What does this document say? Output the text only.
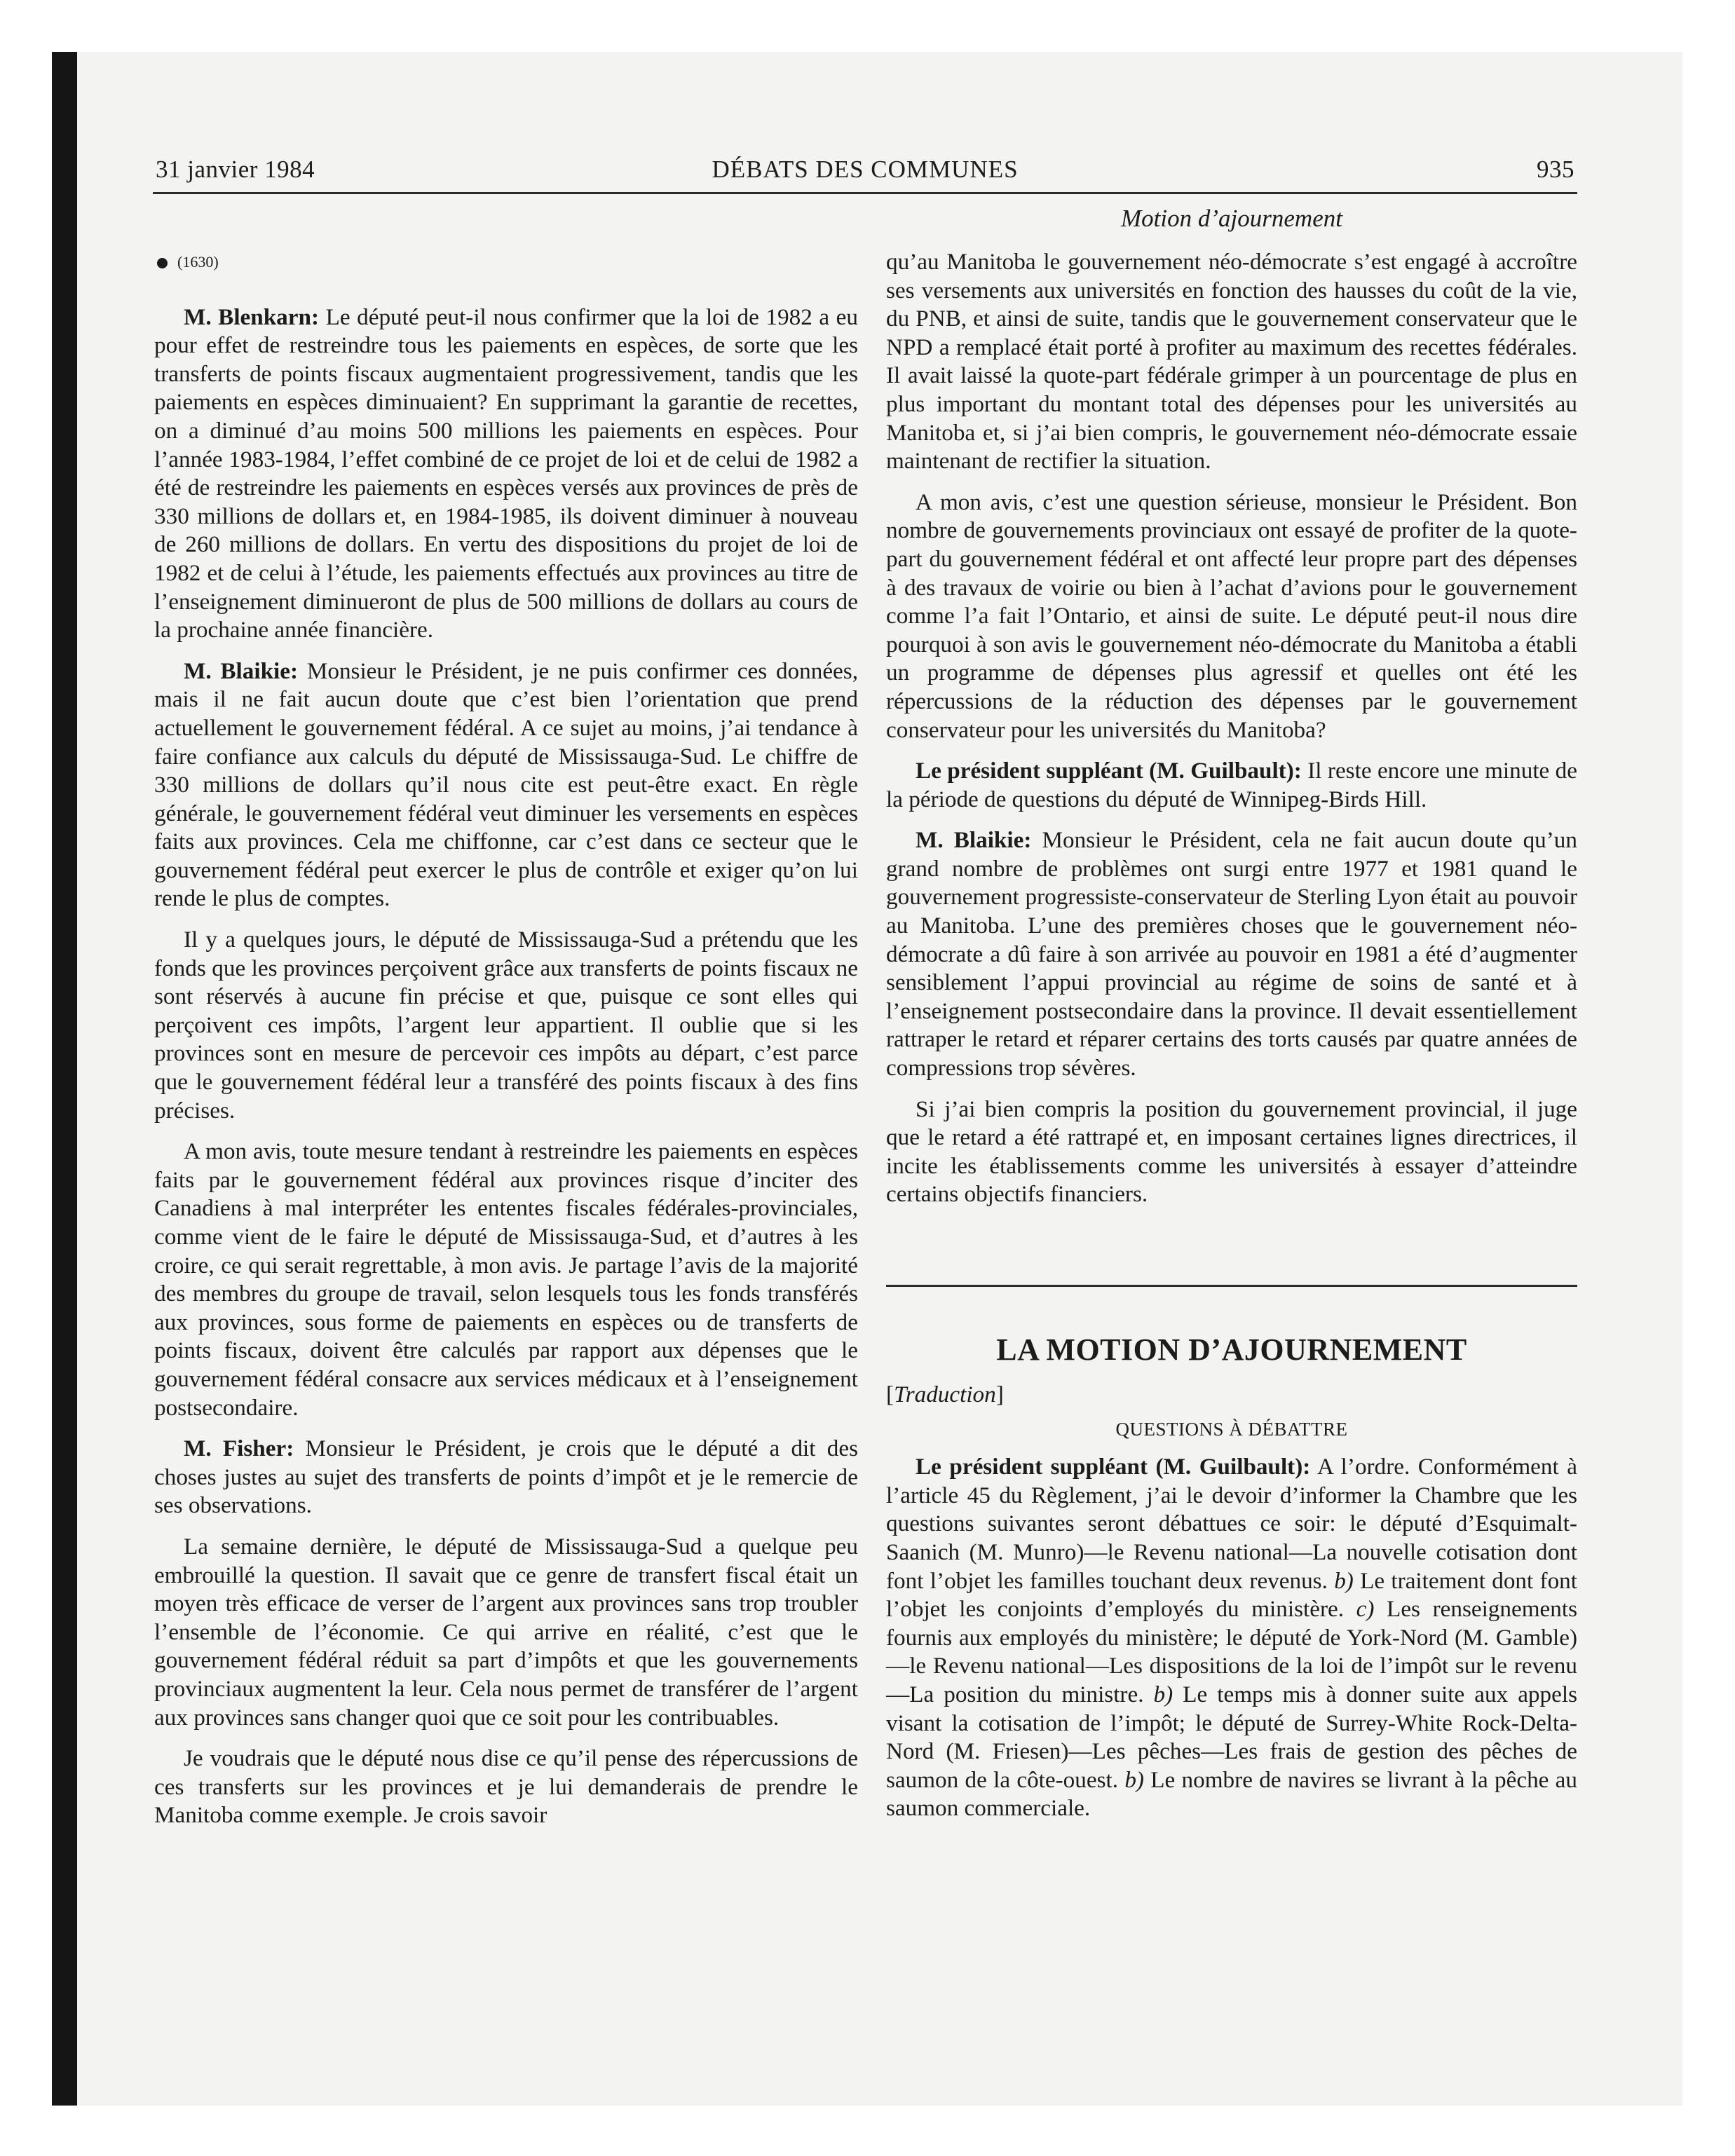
31 janvier 1984	DÉBATS DES COMMUNES	935
Motion d’ajournement
(1630)

M. Blenkarn: Le député peut-il nous confirmer que la loi de 1982 a eu pour effet de restreindre tous les paiements en espèces, de sorte que les transferts de points fiscaux augmentaient progressivement, tandis que les paiements en espèces diminuaient? En supprimant la garantie de recettes, on a diminué d’au moins 500 millions les paiements en espèces. Pour l’année 1983-1984, l’effet combiné de ce projet de loi et de celui de 1982 a été de restreindre les paiements en espèces versés aux provinces de près de 330 millions de dollars et, en 1984-1985, ils doivent diminuer à nouveau de 260 millions de dollars. En vertu des dispositions du projet de loi de 1982 et de celui à l’étude, les paiements effectués aux provinces au titre de l’enseignement diminueront de plus de 500 millions de dollars au cours de la prochaine année financière.

M. Blaikie: Monsieur le Président, je ne puis confirmer ces données, mais il ne fait aucun doute que c’est bien l’orientation que prend actuellement le gouvernement fédéral. A ce sujet au moins, j’ai tendance à faire confiance aux calculs du député de Mississauga-Sud. Le chiffre de 330 millions de dollars qu’il nous cite est peut-être exact. En règle générale, le gouvernement fédéral veut diminuer les versements en espèces faits aux provinces. Cela me chiffonne, car c’est dans ce secteur que le gouvernement fédéral peut exercer le plus de contrôle et exiger qu’on lui rende le plus de comptes.

Il y a quelques jours, le député de Mississauga-Sud a prétendu que les fonds que les provinces perçoivent grâce aux transferts de points fiscaux ne sont réservés à aucune fin précise et que, puisque ce sont elles qui perçoivent ces impôts, l’argent leur appartient. Il oublie que si les provinces sont en mesure de percevoir ces impôts au départ, c’est parce que le gouvernement fédéral leur a transféré des points fiscaux à des fins précises.

A mon avis, toute mesure tendant à restreindre les paiements en espèces faits par le gouvernement fédéral aux provinces risque d’inciter des Canadiens à mal interpréter les ententes fiscales fédérales-provinciales, comme vient de le faire le député de Mississauga-Sud, et d’autres à les croire, ce qui serait regrettable, à mon avis. Je partage l’avis de la majorité des membres du groupe de travail, selon lesquels tous les fonds transférés aux provinces, sous forme de paiements en espèces ou de transferts de points fiscaux, doivent être calculés par rapport aux dépenses que le gouvernement fédéral consacre aux services médicaux et à l’enseignement postsecondaire.

M. Fisher: Monsieur le Président, je crois que le député a dit des choses justes au sujet des transferts de points d’impôt et je le remercie de ses observations.

La semaine dernière, le député de Mississauga-Sud a quelque peu embrouillé la question. Il savait que ce genre de transfert fiscal était un moyen très efficace de verser de l’argent aux provinces sans trop troubler l’ensemble de l’économie. Ce qui arrive en réalité, c’est que le gouvernement fédéral réduit sa part d’impôts et que les gouvernements provinciaux augmentent la leur. Cela nous permet de transférer de l’argent aux provinces sans changer quoi que ce soit pour les contribuables.

Je voudrais que le député nous dise ce qu’il pense des répercussions de ces transferts sur les provinces et je lui demanderais de prendre le Manitoba comme exemple. Je crois savoir

qu’au Manitoba le gouvernement néo-démocrate s’est engagé à accroître ses versements aux universités en fonction des hausses du coût de la vie, du PNB, et ainsi de suite, tandis que le gouvernement conservateur que le NPD a remplacé était porté à profiter au maximum des recettes fédérales. Il avait laissé la quote-part fédérale grimper à un pourcentage de plus en plus important du montant total des dépenses pour les universités au Manitoba et, si j’ai bien compris, le gouvernement néo-démocrate essaie maintenant de rectifier la situation.

A mon avis, c’est une question sérieuse, monsieur le Président. Bon nombre de gouvernements provinciaux ont essayé de profiter de la quote-part du gouvernement fédéral et ont affecté leur propre part des dépenses à des travaux de voirie ou bien à l’achat d’avions pour le gouvernement comme l’a fait l’Ontario, et ainsi de suite. Le député peut-il nous dire pourquoi à son avis le gouvernement néo-démocrate du Manitoba a établi un programme de dépenses plus agressif et quelles ont été les répercussions de la réduction des dépenses par le gouvernement conservateur pour les universités du Manitoba?

Le président suppléant (M. Guilbault): Il reste encore une minute de la période de questions du député de Winnipeg-Birds Hill.

M. Blaikie: Monsieur le Président, cela ne fait aucun doute qu’un grand nombre de problèmes ont surgi entre 1977 et 1981 quand le gouvernement progressiste-conservateur de Sterling Lyon était au pouvoir au Manitoba. L’une des premières choses que le gouvernement néo-démocrate a dû faire à son arrivée au pouvoir en 1981 a été d’augmenter sensiblement l’appui provincial au régime de soins de santé et à l’enseignement postsecondaire dans la province. Il devait essentiellement rattraper le retard et réparer certains des torts causés par quatre années de compressions trop sévères.

Si j’ai bien compris la position du gouvernement provincial, il juge que le retard a été rattrapé et, en imposant certaines lignes directrices, il incite les établissements comme les universités à essayer d’atteindre certains objectifs financiers.

LA MOTION D’AJOURNEMENT
[Traduction]
QUESTIONS À DÉBATTRE

Le président suppléant (M. Guilbault): A l’ordre. Conformément à l’article 45 du Règlement, j’ai le devoir d’informer la Chambre que les questions suivantes seront débattues ce soir: le député d’Esquimalt-Saanich (M. Munro)—le Revenu national—La nouvelle cotisation dont font l’objet les familles touchant deux revenus. b) Le traitement dont font l’objet les conjoints d’employés du ministère. c) Les renseignements fournis aux employés du ministère; le député de York-Nord (M. Gamble)—le Revenu national—Les dispositions de la loi de l’impôt sur le revenu—La position du ministre. b) Le temps mis à donner suite aux appels visant la cotisation de l’impôt; le député de Surrey-White Rock-Delta-Nord (M. Friesen)—Les pêches—Les frais de gestion des pêches de saumon de la côte-ouest. b) Le nombre de navires se livrant à la pêche au saumon commerciale.
